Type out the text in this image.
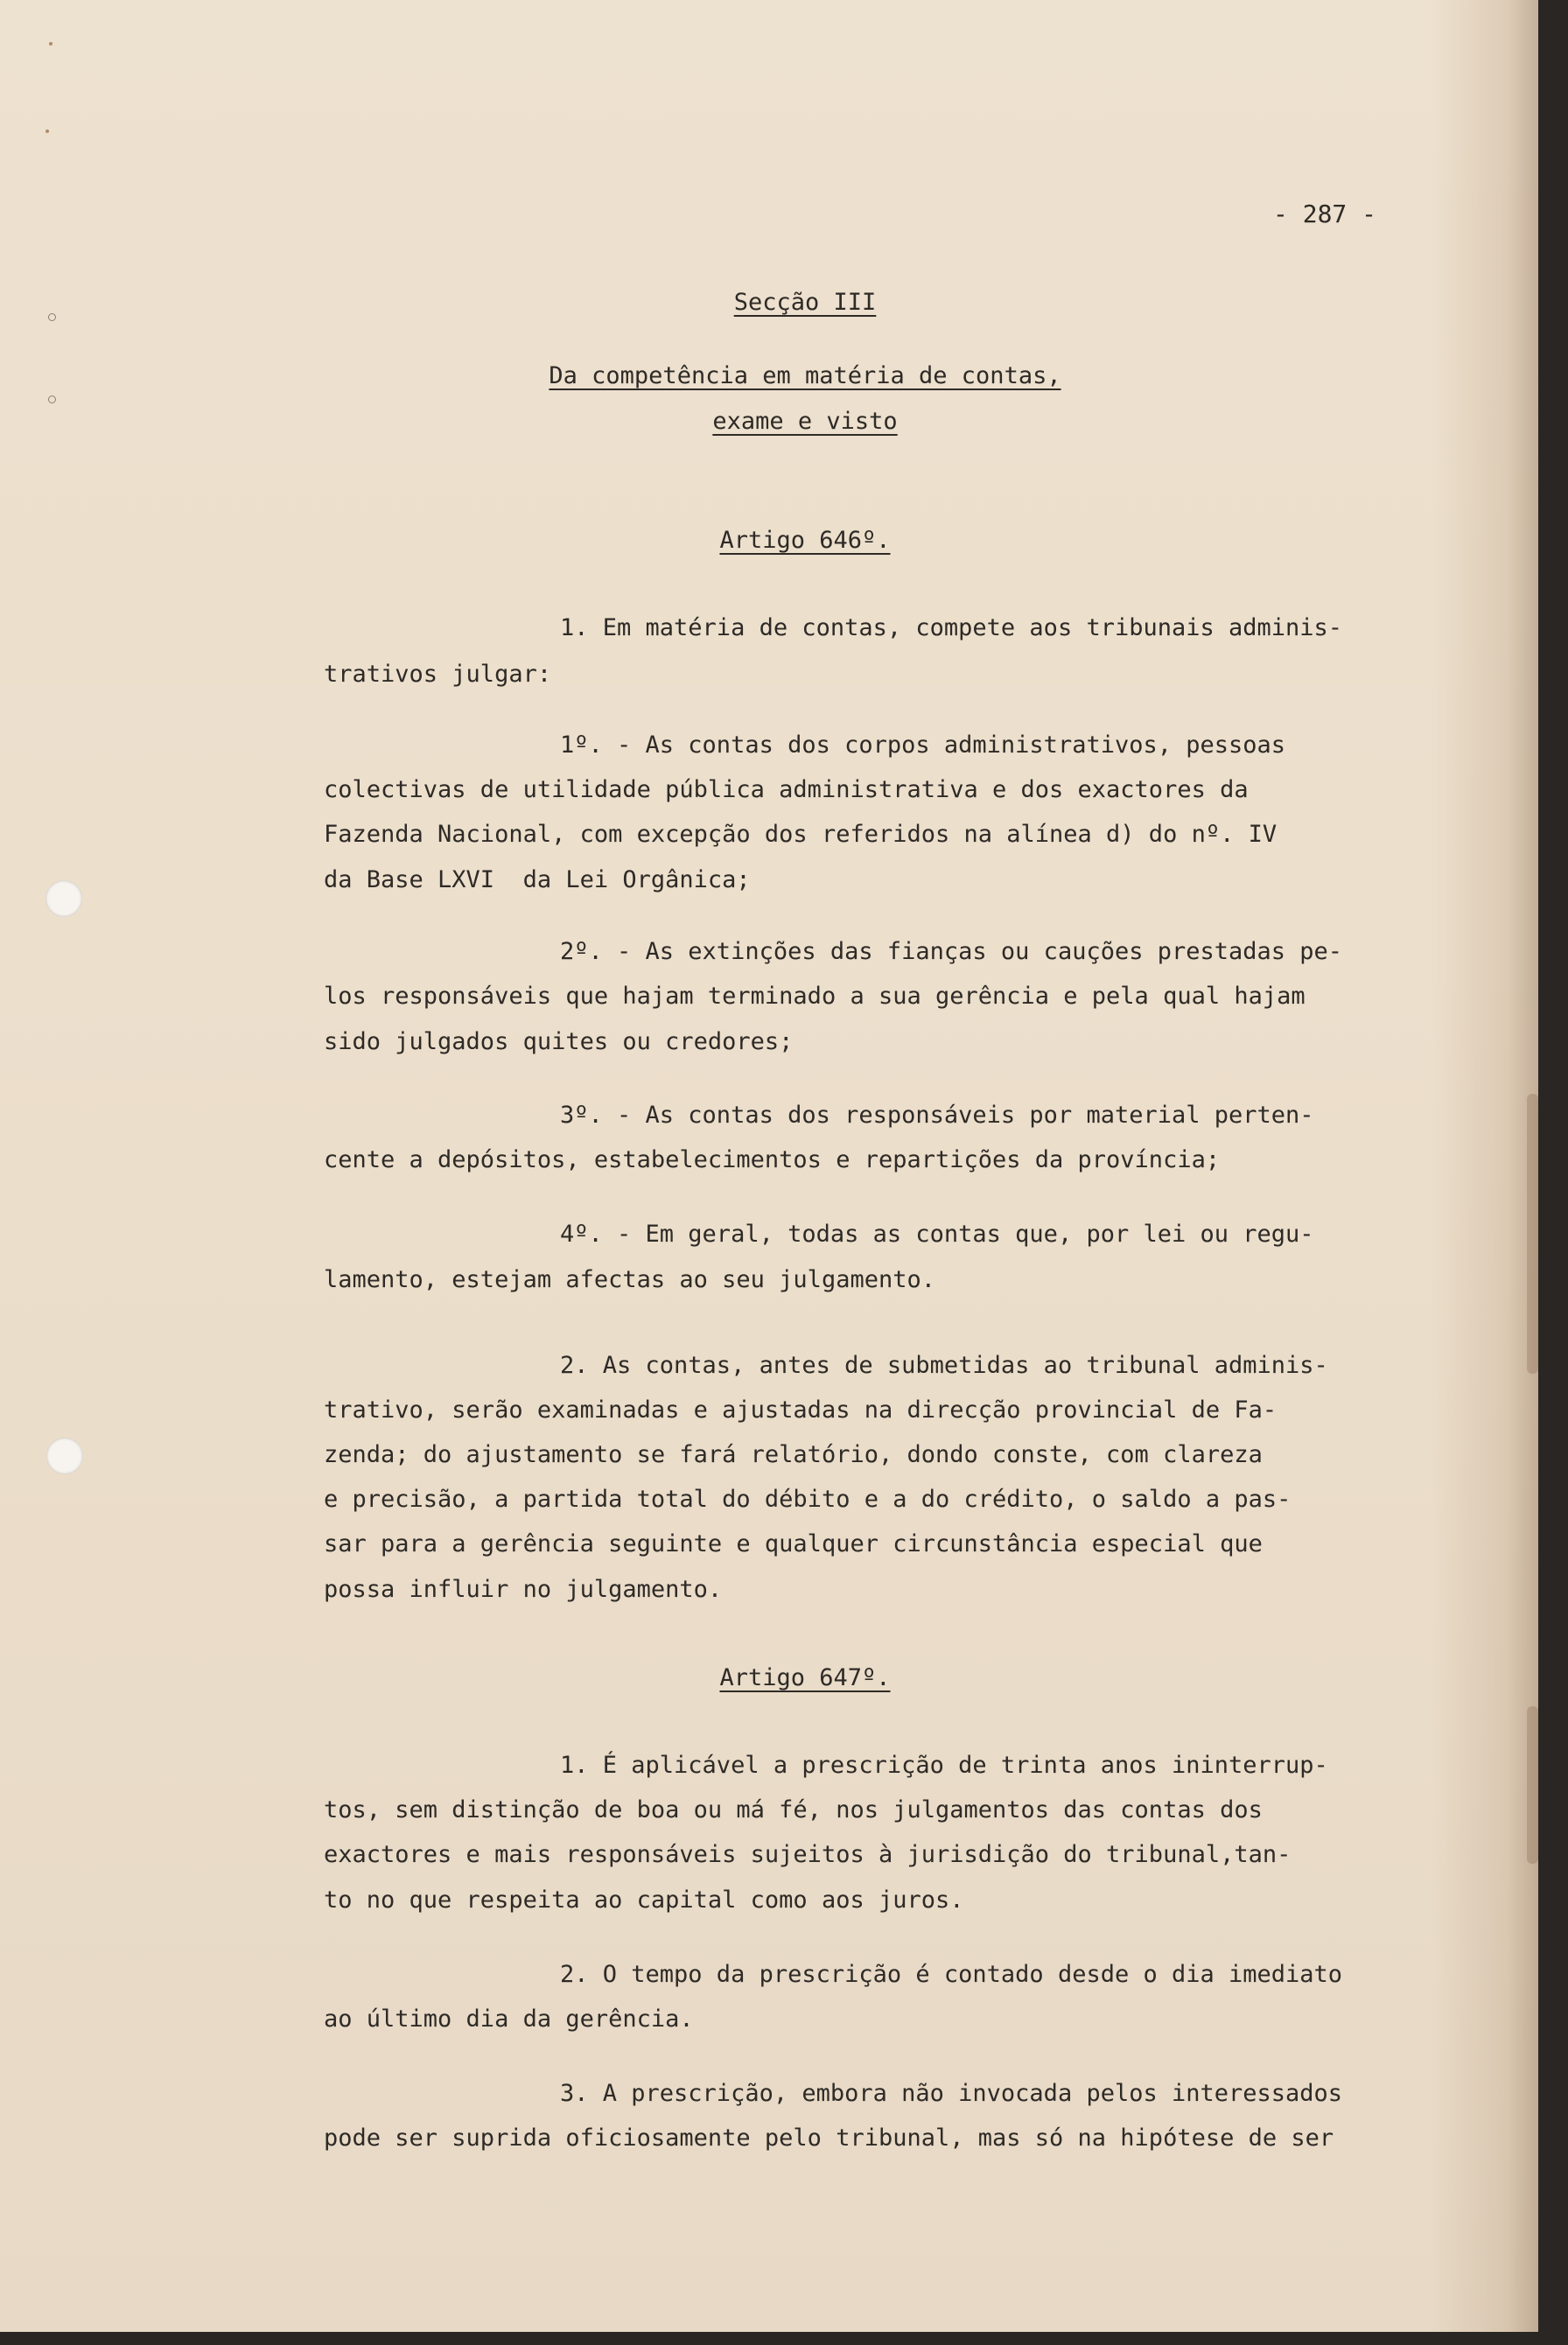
- 287 -
Secção III
Da competência em matéria de contas,
exame e visto
Artigo 646º.
1. Em matéria de contas, compete aos tribunais adminis-
trativos julgar:
1º. - As contas dos corpos administrativos, pessoas
colectivas de utilidade pública administrativa e dos exactores da
Fazenda Nacional, com excepção dos referidos na alínea d) do nº. IV
da Base LXVI  da Lei Orgânica;
2º. - As extinções das fianças ou cauções prestadas pe-
los responsáveis que hajam terminado a sua gerência e pela qual hajam
sido julgados quites ou credores;
3º. - As contas dos responsáveis por material perten-
cente a depósitos, estabelecimentos e repartições da província;
4º. - Em geral, todas as contas que, por lei ou regu-
lamento, estejam afectas ao seu julgamento.
2. As contas, antes de submetidas ao tribunal adminis-
trativo, serão examinadas e ajustadas na direcção provincial de Fa-
zenda; do ajustamento se fará relatório, dondo conste, com clareza
e precisão, a partida total do débito e a do crédito, o saldo a pas-
sar para a gerência seguinte e qualquer circunstância especial que
possa influir no julgamento.
Artigo 647º.
1. É aplicável a prescrição de trinta anos ininterrup-
tos, sem distinção de boa ou má fé, nos julgamentos das contas dos
exactores e mais responsáveis sujeitos à jurisdição do tribunal,tan-
to no que respeita ao capital como aos juros.
2. O tempo da prescrição é contado desde o dia imediato
ao último dia da gerência.
3. A prescrição, embora não invocada pelos interessados
pode ser suprida oficiosamente pelo tribunal, mas só na hipótese de ser
